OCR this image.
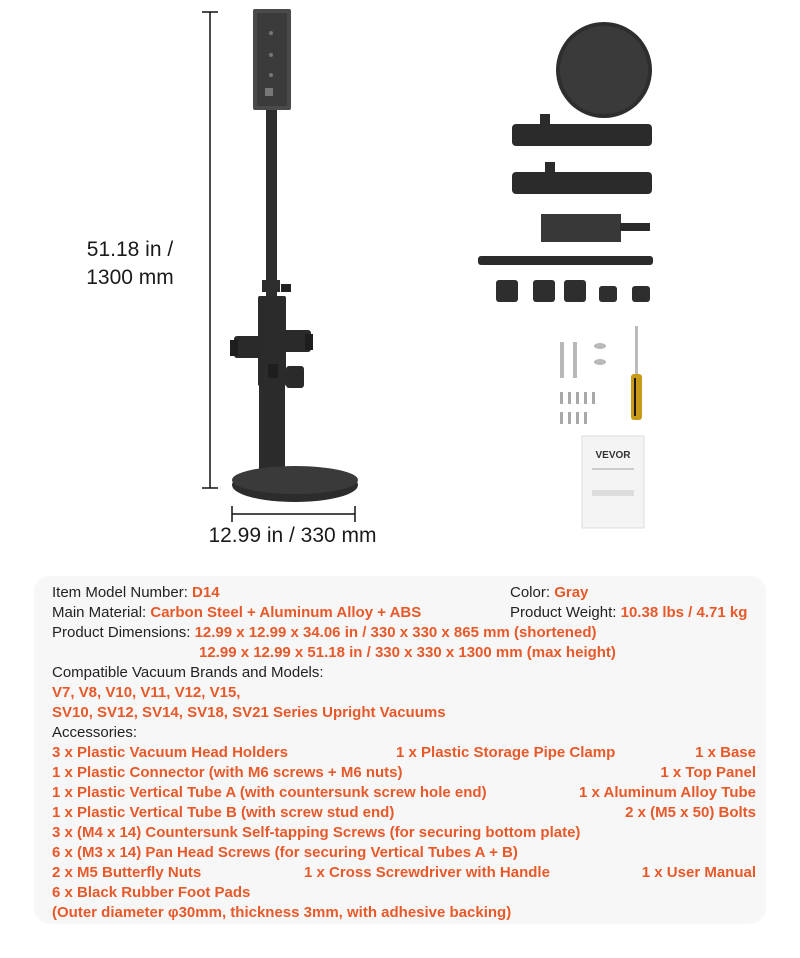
VEVOR
51.18 in /
1300 mm
12.99 in / 330 mm
Item Model Number: D14	Color: Gray
Main Material: Carbon Steel + Aluminum Alloy + ABS	Product Weight: 10.38 lbs / 4.71 kg
Product Dimensions: 12.99 x 12.99 x 34.06 in / 330 x 330 x 865 mm (shortened)
12.99 x 12.99 x 51.18 in / 330 x 330 x 1300 mm (max height)
Compatible Vacuum Brands and Models:
V7, V8, V10, V11, V12, V15,
SV10, SV12, SV14, SV18, SV21 Series Upright Vacuums
Accessories:
3 x Plastic Vacuum Head Holders	1 x Plastic Storage Pipe Clamp	1 x Base
1 x Plastic Connector (with M6 screws + M6 nuts)	1 x Top Panel
1 x Plastic Vertical Tube A (with countersunk screw hole end)	1 x Aluminum Alloy Tube
1 x Plastic Vertical Tube B (with screw stud end)	2 x (M5 x 50) Bolts
3 x (M4 x 14) Countersunk Self-tapping Screws (for securing bottom plate)
6 x (M3 x 14) Pan Head Screws (for securing Vertical Tubes A + B)
2 x M5 Butterfly Nuts	1 x Cross Screwdriver with Handle	1 x User Manual
6 x Black Rubber Foot Pads
(Outer diameter φ30mm, thickness 3mm, with adhesive backing)
